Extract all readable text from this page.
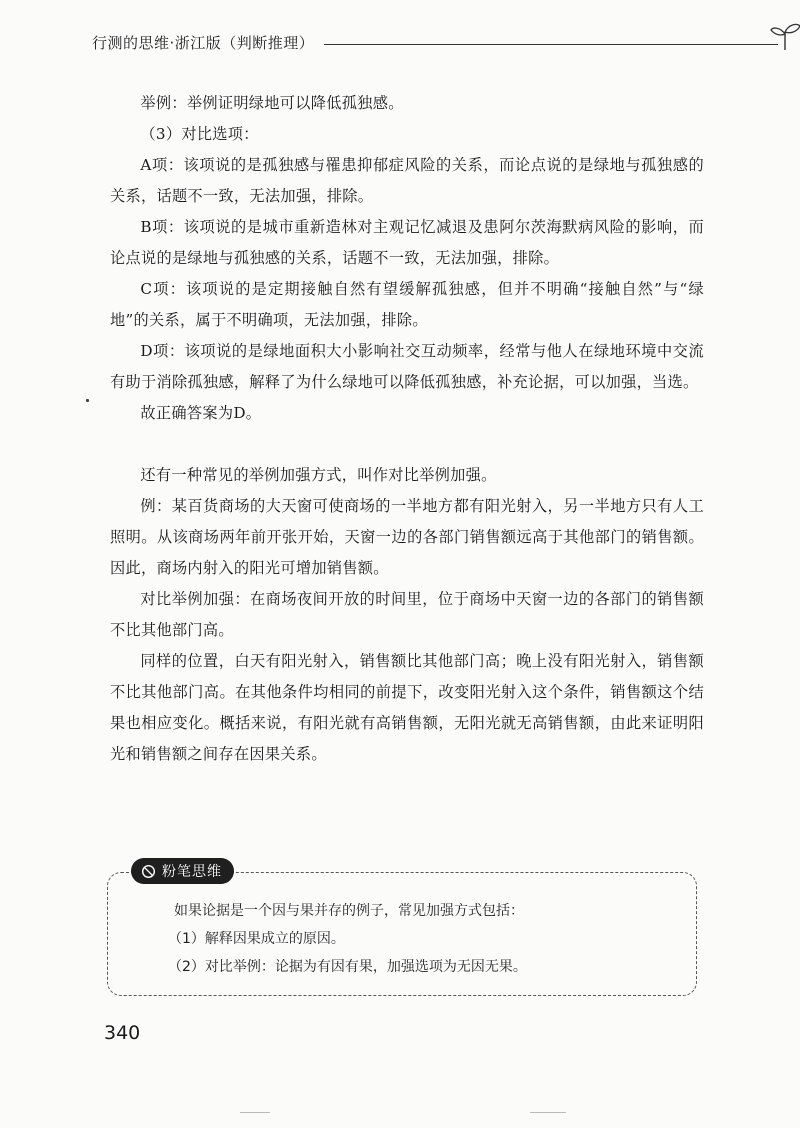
行测的思维·浙江版（判断推理）

举例：举例证明绿地可以降低孤独感。

（3）对比选项：

A项：该项说的是孤独感与罹患抑郁症风险的关系，而论点说的是绿地与孤独感的关系，话题不一致，无法加强，排除。

B项：该项说的是城市重新造林对主观记忆减退及患阿尔茨海默病风险的影响，而论点说的是绿地与孤独感的关系，话题不一致，无法加强，排除。

C项：该项说的是定期接触自然有望缓解孤独感，但并不明确“接触自然”与“绿地”的关系，属于不明确项，无法加强，排除。

D项：该项说的是绿地面积大小影响社交互动频率，经常与他人在绿地环境中交流有助于消除孤独感，解释了为什么绿地可以降低孤独感，补充论据，可以加强，当选。

故正确答案为D。

还有一种常见的举例加强方式，叫作对比举例加强。

例：某百货商场的大天窗可使商场的一半地方都有阳光射入，另一半地方只有人工照明。从该商场两年前开张开始，天窗一边的各部门销售额远高于其他部门的销售额。因此，商场内射入的阳光可增加销售额。

对比举例加强：在商场夜间开放的时间里，位于商场中天窗一边的各部门的销售额不比其他部门高。

同样的位置，白天有阳光射入，销售额比其他部门高；晚上没有阳光射入，销售额不比其他部门高。在其他条件均相同的前提下，改变阳光射入这个条件，销售额这个结果也相应变化。概括来说，有阳光就有高销售额，无阳光就无高销售额，由此来证明阳光和销售额之间存在因果关系。

粉笔思维

如果论据是一个因与果并存的例子，常见加强方式包括：

（1）解释因果成立的原因。

（2）对比举例：论据为有因有果，加强选项为无因无果。

340
